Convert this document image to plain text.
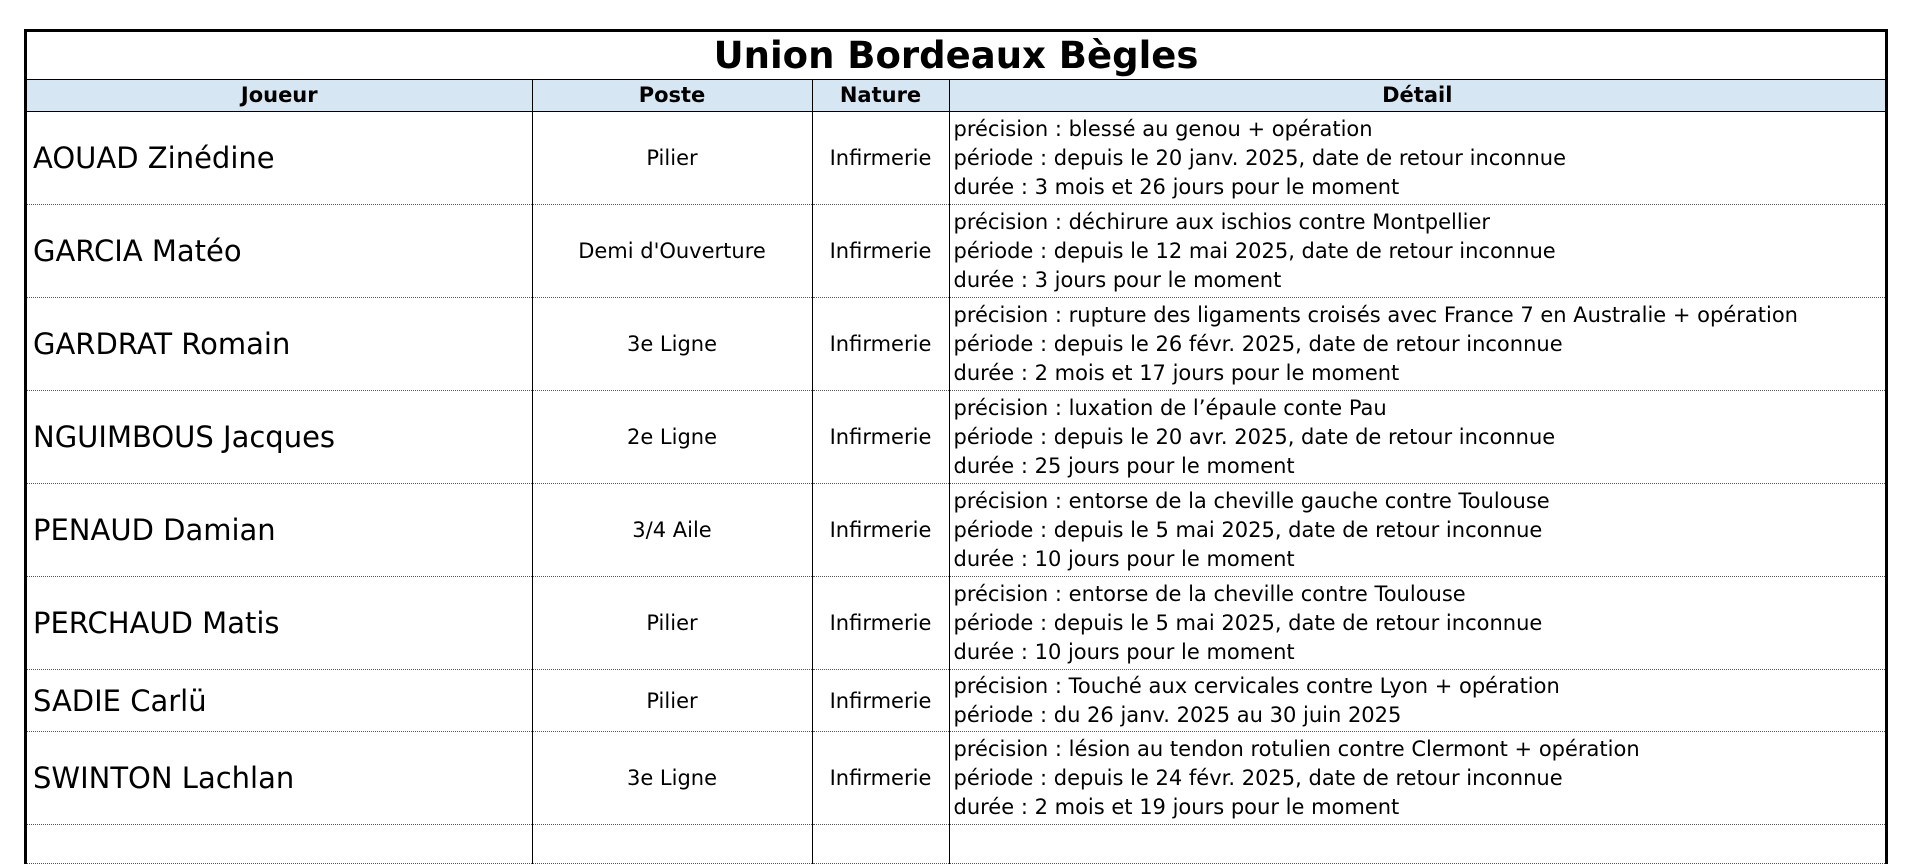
Union Bordeaux Bègles			
Joueur	Poste	Nature	Détail
AOUAD Zinédine	Pilier	Infirmerie	précision : blessé au genou + opération
période : depuis le 20 janv. 2025, date de retour inconnue
durée : 3 mois et 26 jours pour le moment

GARCIA Matéo	Demi d'Ouverture	Infirmerie	précision : déchirure aux ischios contre Montpellier
période : depuis le 12 mai 2025, date de retour inconnue
durée : 3 jours pour le moment

GARDRAT Romain	3e Ligne	Infirmerie	précision : rupture des ligaments croisés avec France 7 en Australie + opération
période : depuis le 26 févr. 2025, date de retour inconnue
durée : 2 mois et 17 jours pour le moment

NGUIMBOUS Jacques	2e Ligne	Infirmerie	précision : luxation de l’épaule conte Pau
période : depuis le 20 avr. 2025, date de retour inconnue
durée : 25 jours pour le moment

PENAUD Damian	3/4 Aile	Infirmerie	précision : entorse de la cheville gauche contre Toulouse
période : depuis le 5 mai 2025, date de retour inconnue
durée : 10 jours pour le moment

PERCHAUD Matis	Pilier	Infirmerie	précision : entorse de la cheville contre Toulouse
période : depuis le 5 mai 2025, date de retour inconnue
durée : 10 jours pour le moment

SADIE Carlü	Pilier	Infirmerie	précision : Touché aux cervicales contre Lyon + opération
période : du 26 janv. 2025 au 30 juin 2025

SWINTON Lachlan	3e Ligne	Infirmerie	précision : lésion au tendon rotulien contre Clermont + opération
période : depuis le 24 févr. 2025, date de retour inconnue
durée : 2 mois et 19 jours pour le moment
